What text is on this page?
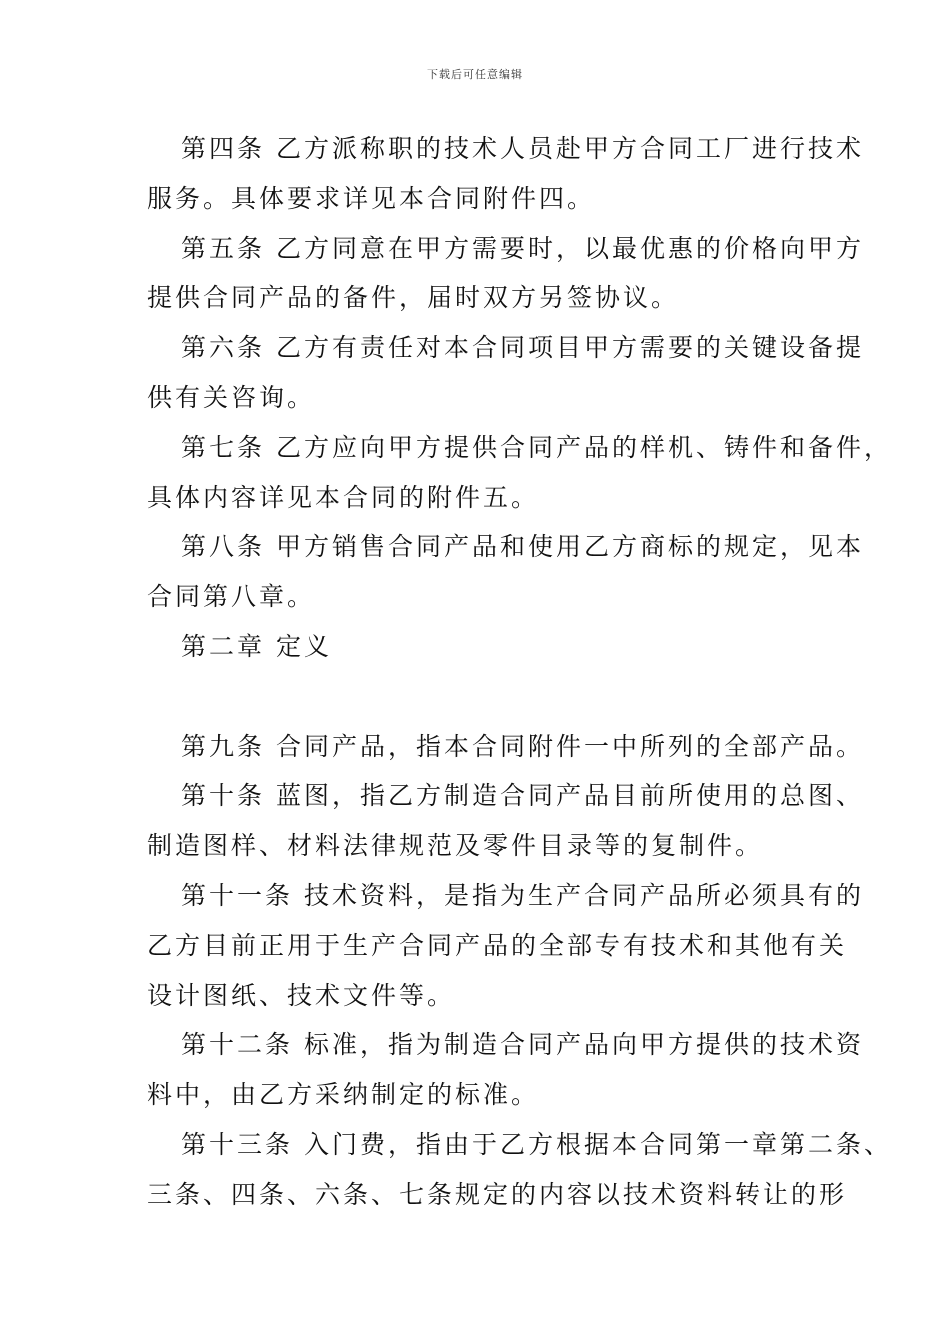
下载后可任意编辑
第四条 乙方派称职的技术人员赴甲方合同工厂进行技术
服务。具体要求详见本合同附件四。
第五条 乙方同意在甲方需要时，以最优惠的价格向甲方
提供合同产品的备件，届时双方另签协议。
第六条 乙方有责任对本合同项目甲方需要的关键设备提
供有关咨询。
第七条 乙方应向甲方提供合同产品的样机、铸件和备件，
具体内容详见本合同的附件五。
第八条 甲方销售合同产品和使用乙方商标的规定，见本
合同第八章。
第二章 定义
第九条 合同产品，指本合同附件一中所列的全部产品。
第十条 蓝图，指乙方制造合同产品目前所使用的总图、
制造图样、材料法律规范及零件目录等的复制件。
第十一条 技术资料，是指为生产合同产品所必须具有的
乙方目前正用于生产合同产品的全部专有技术和其他有关
设计图纸、技术文件等。
第十二条 标准，指为制造合同产品向甲方提供的技术资
料中，由乙方采纳制定的标准。
第十三条 入门费，指由于乙方根据本合同第一章第二条、
三条、四条、六条、七条规定的内容以技术资料转让的形
